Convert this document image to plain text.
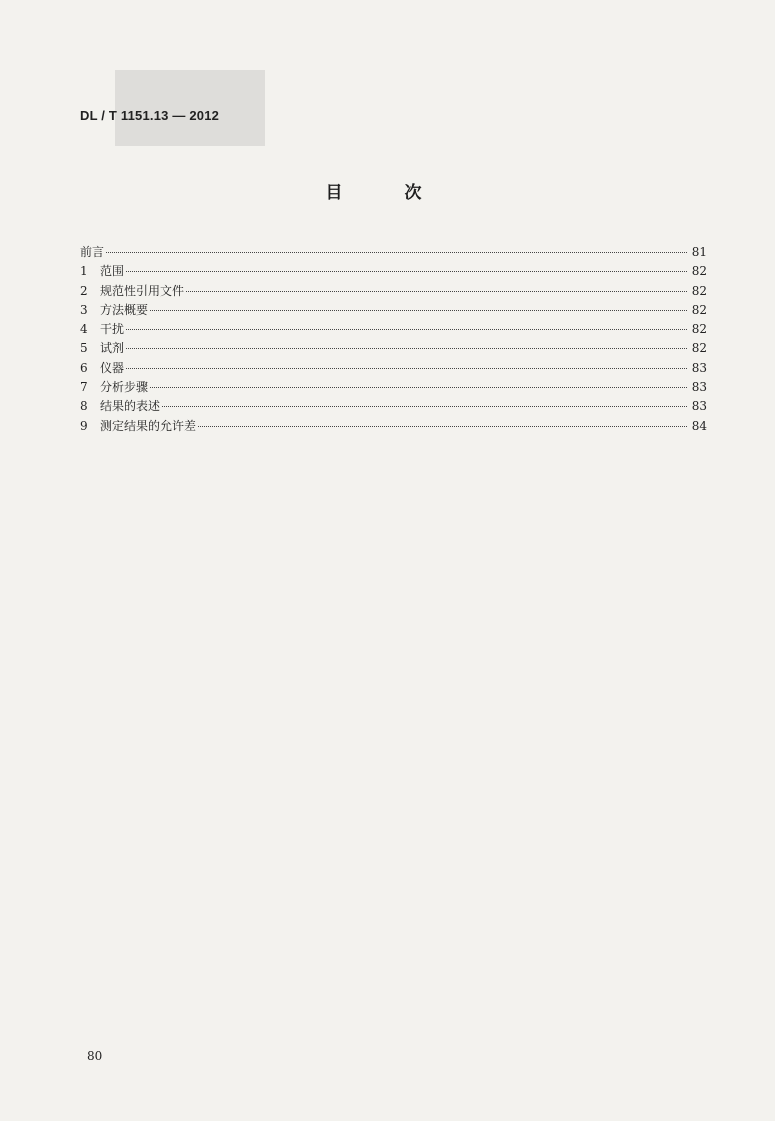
DL / T 1151.13 — 2012
目 次
前言	81
1	范围	82
2	规范性引用文件	82
3	方法概要	82
4	干扰	82
5	试剂	82
6	仪器	83
7	分析步骤	83
8	结果的表述	83
9	测定结果的允许差	84
80
